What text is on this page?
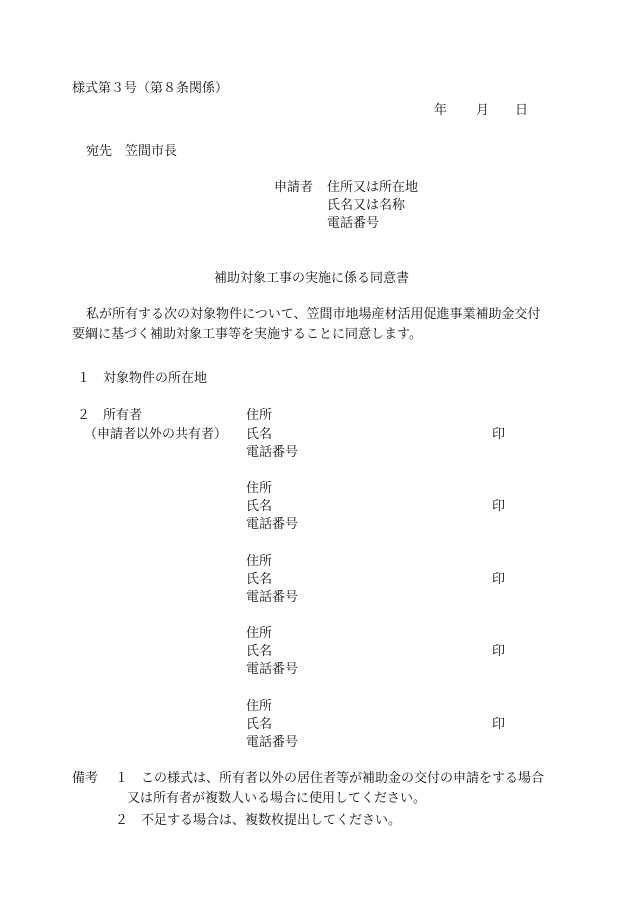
様式第３号（第８条関係）
年 月 日
宛先　笠間市長
申請者 住所又は所在地
氏名又は名称
電話番号
補助対象工事の実施に係る同意書
私が所有する次の対象物件について、笠間市地場産材活用促進事業補助金交付
要綱に基づく補助対象工事等を実施することに同意します。
１　対象物件の所在地
２　所有者
（申請者以外の共有者）
住所
氏名	印
電話番号
住所
氏名	印
電話番号
住所
氏名	印
電話番号
住所
氏名	印
電話番号
住所
氏名	印
電話番号
備考 １ この様式は、所有者以外の居住者等が補助金の交付の申請をする場合
又は所有者が複数人いる場合に使用してください。
２ 不足する場合は、複数枚提出してください。
